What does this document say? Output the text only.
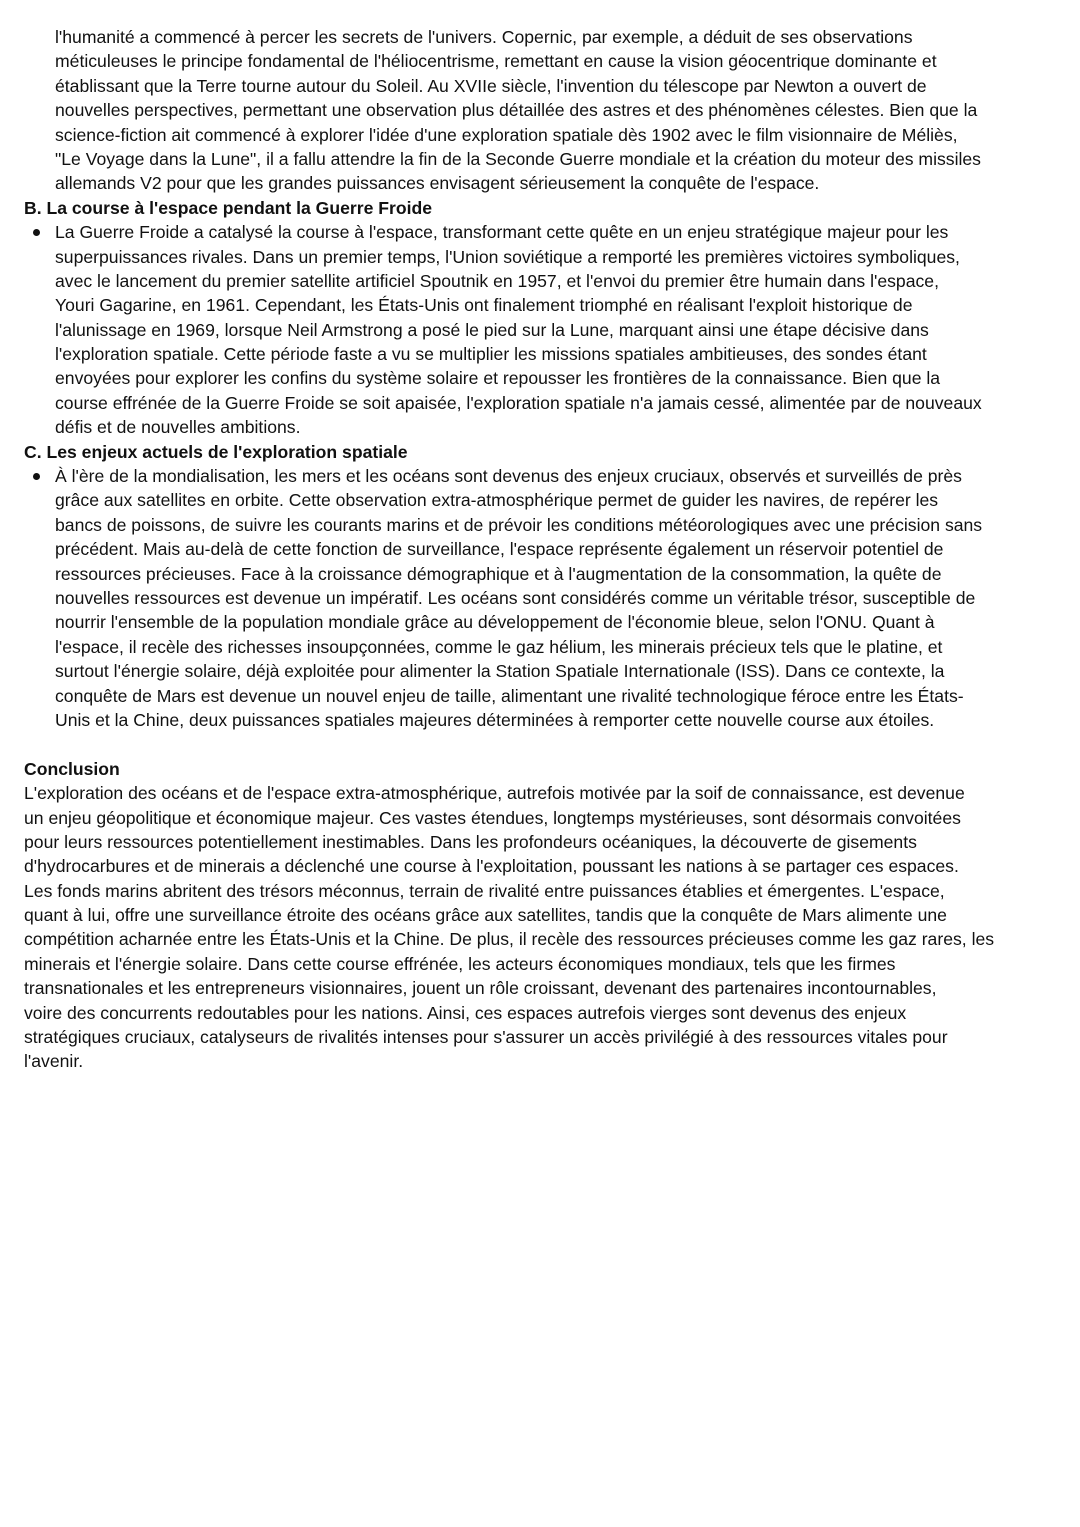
l'humanité a commencé à percer les secrets de l'univers. Copernic, par exemple, a déduit de ses observations
méticuleuses le principe fondamental de l'héliocentrisme, remettant en cause la vision géocentrique dominante et
établissant que la Terre tourne autour du Soleil. Au XVIIe siècle, l'invention du télescope par Newton a ouvert de
nouvelles perspectives, permettant une observation plus détaillée des astres et des phénomènes célestes. Bien que la
science-fiction ait commencé à explorer l'idée d'une exploration spatiale dès 1902 avec le film visionnaire de Méliès,
"Le Voyage dans la Lune", il a fallu attendre la fin de la Seconde Guerre mondiale et la création du moteur des missiles
allemands V2 pour que les grandes puissances envisagent sérieusement la conquête de l'espace.
B. La course à l'espace pendant la Guerre Froide
La Guerre Froide a catalysé la course à l'espace, transformant cette quête en un enjeu stratégique majeur pour les
superpuissances rivales. Dans un premier temps, l'Union soviétique a remporté les premières victoires symboliques,
avec le lancement du premier satellite artificiel Spoutnik en 1957, et l'envoi du premier être humain dans l'espace,
Youri Gagarine, en 1961. Cependant, les États-Unis ont finalement triomphé en réalisant l'exploit historique de
l'alunissage en 1969, lorsque Neil Armstrong a posé le pied sur la Lune, marquant ainsi une étape décisive dans
l'exploration spatiale. Cette période faste a vu se multiplier les missions spatiales ambitieuses, des sondes étant
envoyées pour explorer les confins du système solaire et repousser les frontières de la connaissance. Bien que la
course effrénée de la Guerre Froide se soit apaisée, l'exploration spatiale n'a jamais cessé, alimentée par de nouveaux
défis et de nouvelles ambitions.
C. Les enjeux actuels de l'exploration spatiale
À l'ère de la mondialisation, les mers et les océans sont devenus des enjeux cruciaux, observés et surveillés de près
grâce aux satellites en orbite. Cette observation extra-atmosphérique permet de guider les navires, de repérer les
bancs de poissons, de suivre les courants marins et de prévoir les conditions météorologiques avec une précision sans
précédent. Mais au-delà de cette fonction de surveillance, l'espace représente également un réservoir potentiel de
ressources précieuses. Face à la croissance démographique et à l'augmentation de la consommation, la quête de
nouvelles ressources est devenue un impératif. Les océans sont considérés comme un véritable trésor, susceptible de
nourrir l'ensemble de la population mondiale grâce au développement de l'économie bleue, selon l'ONU. Quant à
l'espace, il recèle des richesses insoupçonnées, comme le gaz hélium, les minerais précieux tels que le platine, et
surtout l'énergie solaire, déjà exploitée pour alimenter la Station Spatiale Internationale (ISS). Dans ce contexte, la
conquête de Mars est devenue un nouvel enjeu de taille, alimentant une rivalité technologique féroce entre les États-
Unis et la Chine, deux puissances spatiales majeures déterminées à remporter cette nouvelle course aux étoiles.
Conclusion
L'exploration des océans et de l'espace extra-atmosphérique, autrefois motivée par la soif de connaissance, est devenue
un enjeu géopolitique et économique majeur. Ces vastes étendues, longtemps mystérieuses, sont désormais convoitées
pour leurs ressources potentiellement inestimables. Dans les profondeurs océaniques, la découverte de gisements
d'hydrocarbures et de minerais a déclenché une course à l'exploitation, poussant les nations à se partager ces espaces.
Les fonds marins abritent des trésors méconnus, terrain de rivalité entre puissances établies et émergentes. L'espace,
quant à lui, offre une surveillance étroite des océans grâce aux satellites, tandis que la conquête de Mars alimente une
compétition acharnée entre les États-Unis et la Chine. De plus, il recèle des ressources précieuses comme les gaz rares, les
minerais et l'énergie solaire. Dans cette course effrénée, les acteurs économiques mondiaux, tels que les firmes
transnationales et les entrepreneurs visionnaires, jouent un rôle croissant, devenant des partenaires incontournables,
voire des concurrents redoutables pour les nations. Ainsi, ces espaces autrefois vierges sont devenus des enjeux
stratégiques cruciaux, catalyseurs de rivalités intenses pour s'assurer un accès privilégié à des ressources vitales pour
l'avenir.
